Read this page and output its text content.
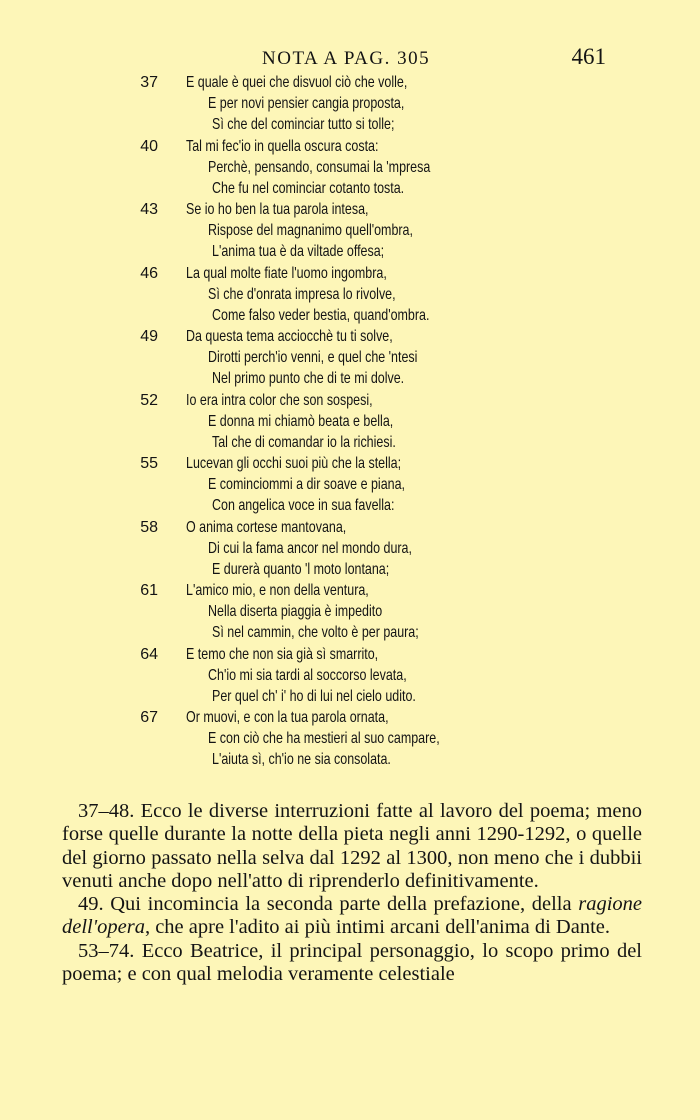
NOTA A PAG. 305	461
37 E quale è quei che disvuol ciò che volle,
E per novi pensier cangia proposta,
Sì che del cominciar tutto si tolle;
40 Tal mi fec'io in quella oscura costa:
Perchè, pensando, consumai la 'mpresa
Che fu nel cominciar cotanto tosta.
43 Se io ho ben la tua parola intesa,
Rispose del magnanimo quell'ombra,
L'anima tua è da viltade offesa;
46 La qual molte fiate l'uomo ingombra,
Sì che d'onrata impresa lo rivolve,
Come falso veder bestia, quand'ombra.
49 Da questa tema acciocchè tu ti solve,
Dirotti perch'io venni, e quel che 'ntesi
Nel primo punto che di te mi dolve.
52 Io era intra color che son sospesi,
E donna mi chiamò beata e bella,
Tal che di comandar io la richiesi.
55 Lucevan gli occhi suoi più che la stella;
E cominciommi a dir soave e piana,
Con angelica voce in sua favella:
58 O anima cortese mantovana,
Di cui la fama ancor nel mondo dura,
E durerà quanto 'l moto lontana;
61 L'amico mio, e non della ventura,
Nella diserta piaggia è impedito
Sì nel cammin, che volto è per paura;
64 E temo che non sia già sì smarrito,
Ch'io mi sia tardi al soccorso levata,
Per quel ch' i' ho di lui nel cielo udito.
67 Or muovi, e con la tua parola ornata,
E con ciò che ha mestieri al suo campare,
L'aiuta sì, ch'io ne sia consolata.

37–48. Ecco le diverse interruzioni fatte al lavoro del poema; meno forse quelle durante la notte della pieta negli anni 1290-1292, o quelle del giorno passato nella selva dal 1292 al 1300, non meno che i dubbii venuti anche dopo nell'atto di riprenderlo definitivamente.

49. Qui incomincia la seconda parte della prefazione, della ragione dell'opera, che apre l'adito ai più intimi arcani dell'anima di Dante.

53–74. Ecco Beatrice, il principal personaggio, lo scopo primo del poema; e con qual melodia veramente celestiale
